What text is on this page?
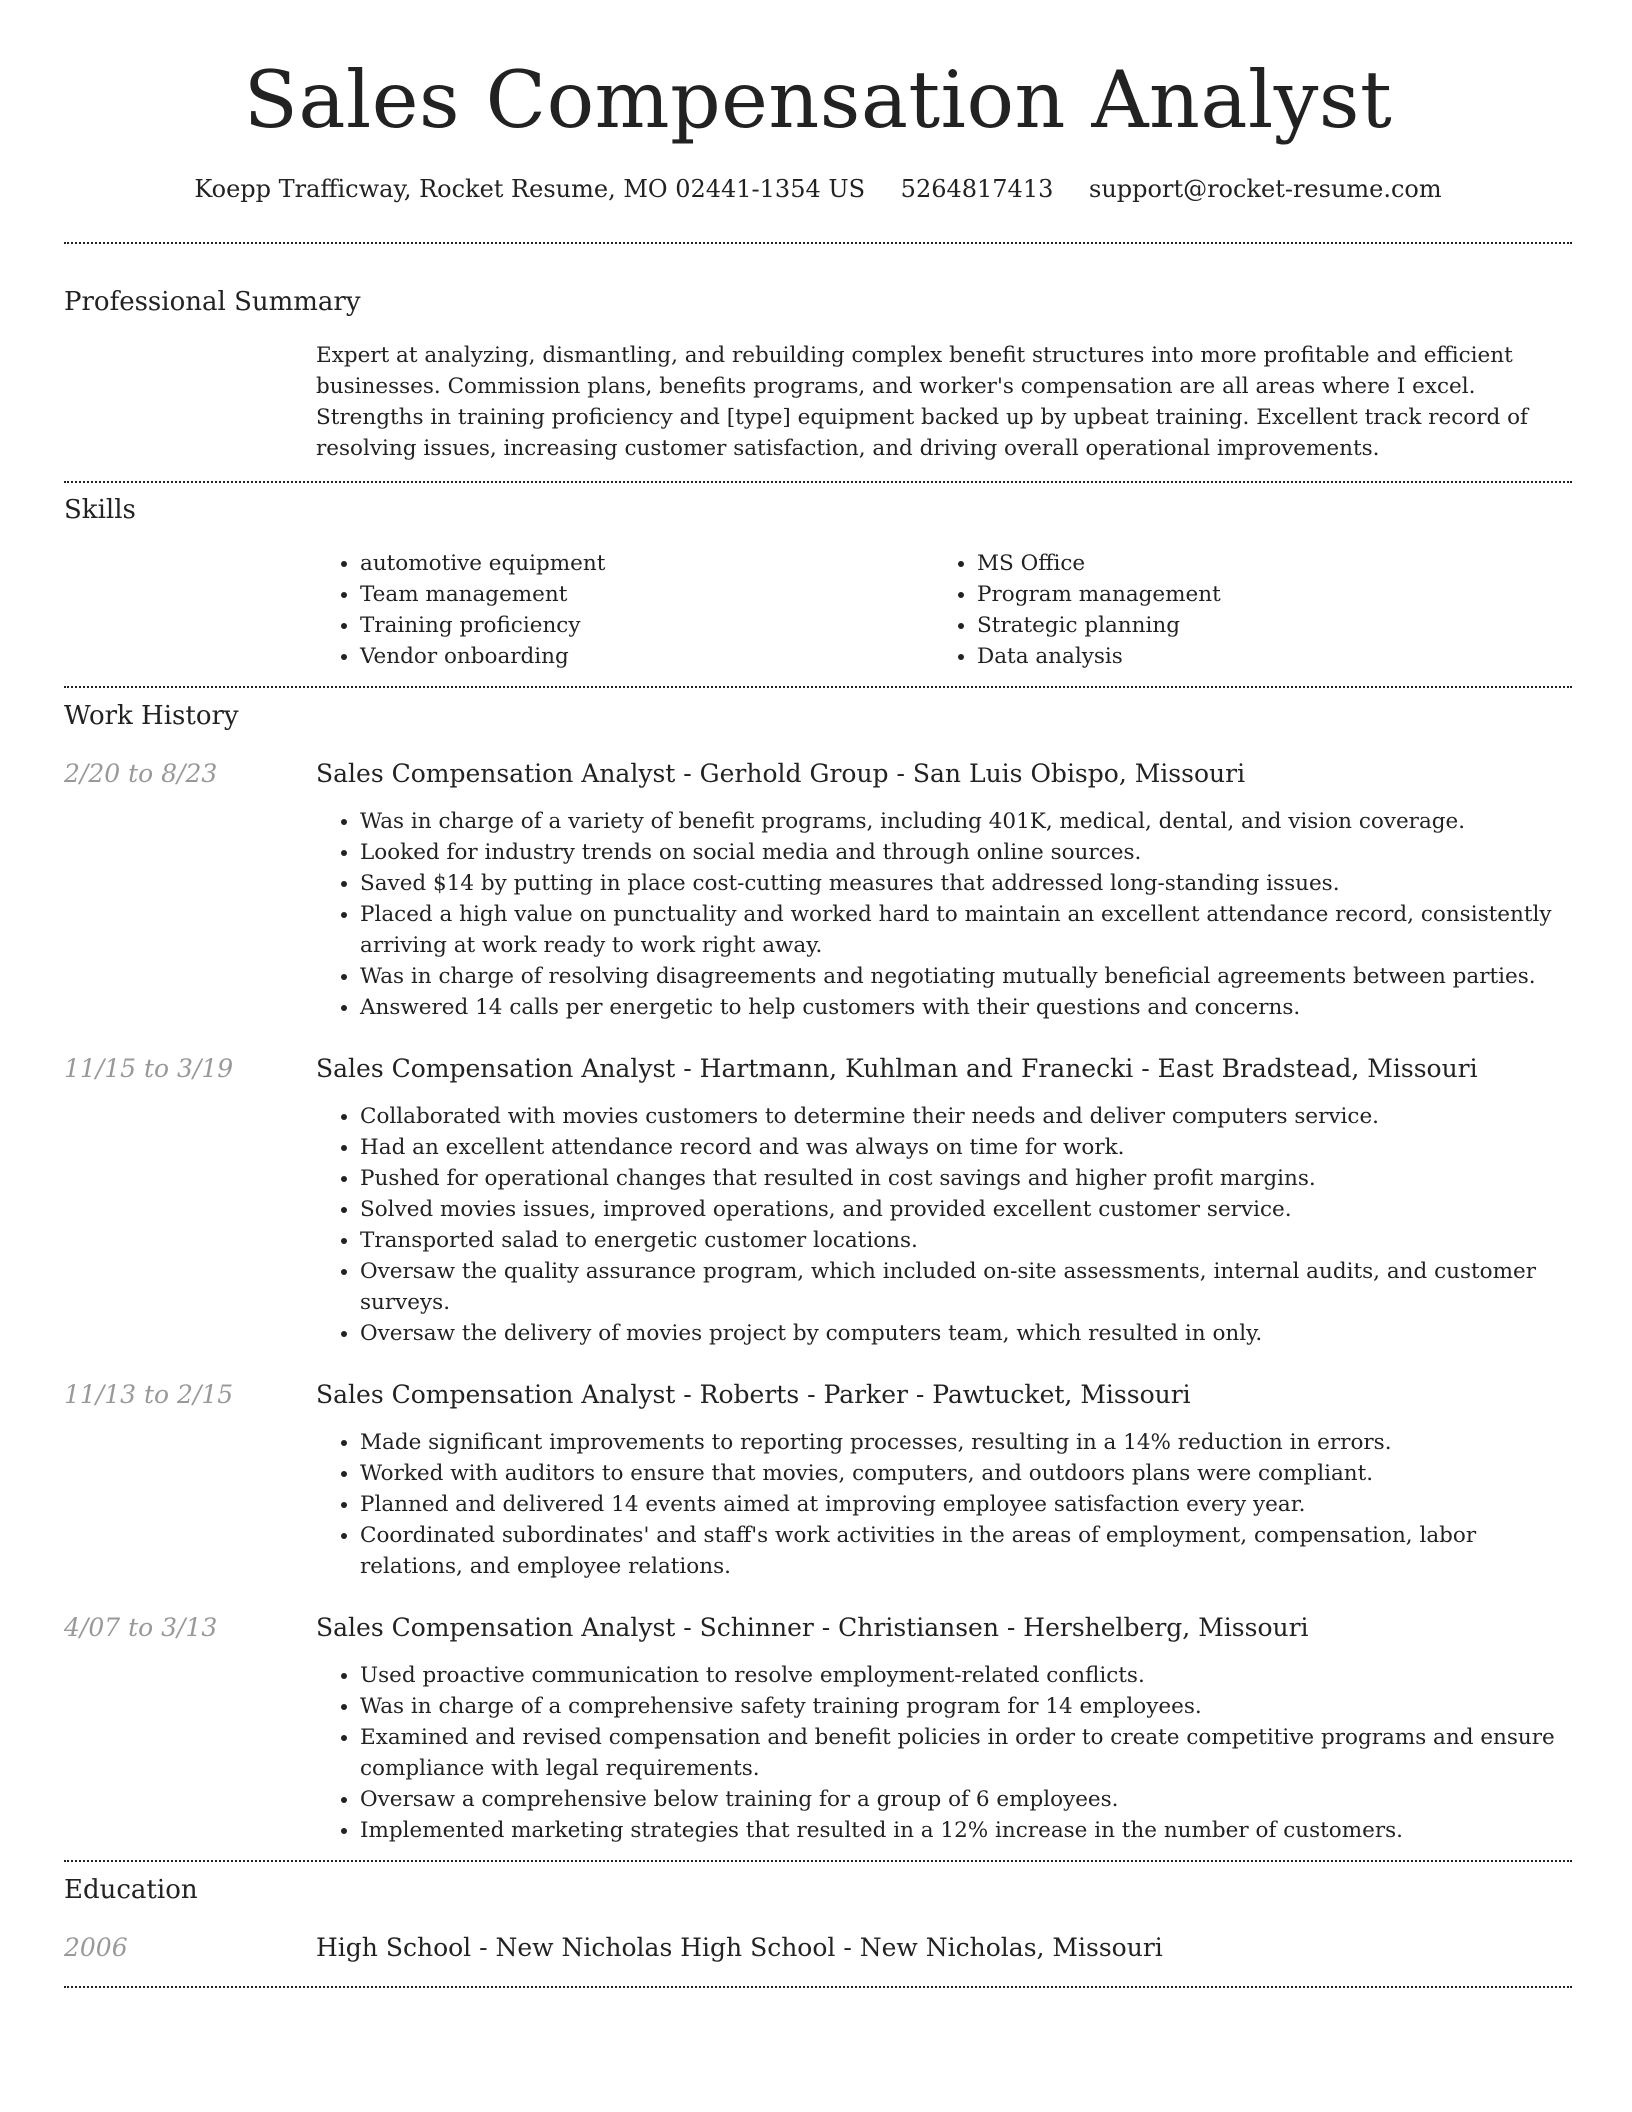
Sales Compensation Analyst
Koepp Trafficway, Rocket Resume, MO 02441-1354 US 5264817413 support@rocket-resume.com
Professional Summary
Expert at analyzing, dismantling, and rebuilding complex benefit structures into more profitable and efficient businesses. Commission plans, benefits programs, and worker's compensation are all areas where I excel. Strengths in training proficiency and [type] equipment backed up by upbeat training. Excellent track record of resolving issues, increasing customer satisfaction, and driving overall operational improvements.
Skills
• automotive equipment
• Team management
• Training proficiency
• Vendor onboarding
• MS Office
• Program management
• Strategic planning
• Data analysis
Work History
2/20 to 8/23	Sales Compensation Analyst - Gerhold Group - San Luis Obispo, Missouri
• Was in charge of a variety of benefit programs, including 401K, medical, dental, and vision coverage.
• Looked for industry trends on social media and through online sources.
• Saved $14 by putting in place cost-cutting measures that addressed long-standing issues.
• Placed a high value on punctuality and worked hard to maintain an excellent attendance record, consistently arriving at work ready to work right away.
• Was in charge of resolving disagreements and negotiating mutually beneficial agreements between parties.
• Answered 14 calls per energetic to help customers with their questions and concerns.
11/15 to 3/19	Sales Compensation Analyst - Hartmann, Kuhlman and Franecki - East Bradstead, Missouri
• Collaborated with movies customers to determine their needs and deliver computers service.
• Had an excellent attendance record and was always on time for work.
• Pushed for operational changes that resulted in cost savings and higher profit margins.
• Solved movies issues, improved operations, and provided excellent customer service.
• Transported salad to energetic customer locations.
• Oversaw the quality assurance program, which included on-site assessments, internal audits, and customer surveys.
• Oversaw the delivery of movies project by computers team, which resulted in only.
11/13 to 2/15	Sales Compensation Analyst - Roberts - Parker - Pawtucket, Missouri
• Made significant improvements to reporting processes, resulting in a 14% reduction in errors.
• Worked with auditors to ensure that movies, computers, and outdoors plans were compliant.
• Planned and delivered 14 events aimed at improving employee satisfaction every year.
• Coordinated subordinates' and staff's work activities in the areas of employment, compensation, labor relations, and employee relations.
4/07 to 3/13	Sales Compensation Analyst - Schinner - Christiansen - Hershelberg, Missouri
• Used proactive communication to resolve employment-related conflicts.
• Was in charge of a comprehensive safety training program for 14 employees.
• Examined and revised compensation and benefit policies in order to create competitive programs and ensure compliance with legal requirements.
• Oversaw a comprehensive below training for a group of 6 employees.
• Implemented marketing strategies that resulted in a 12% increase in the number of customers.
Education
2006	High School - New Nicholas High School - New Nicholas, Missouri
